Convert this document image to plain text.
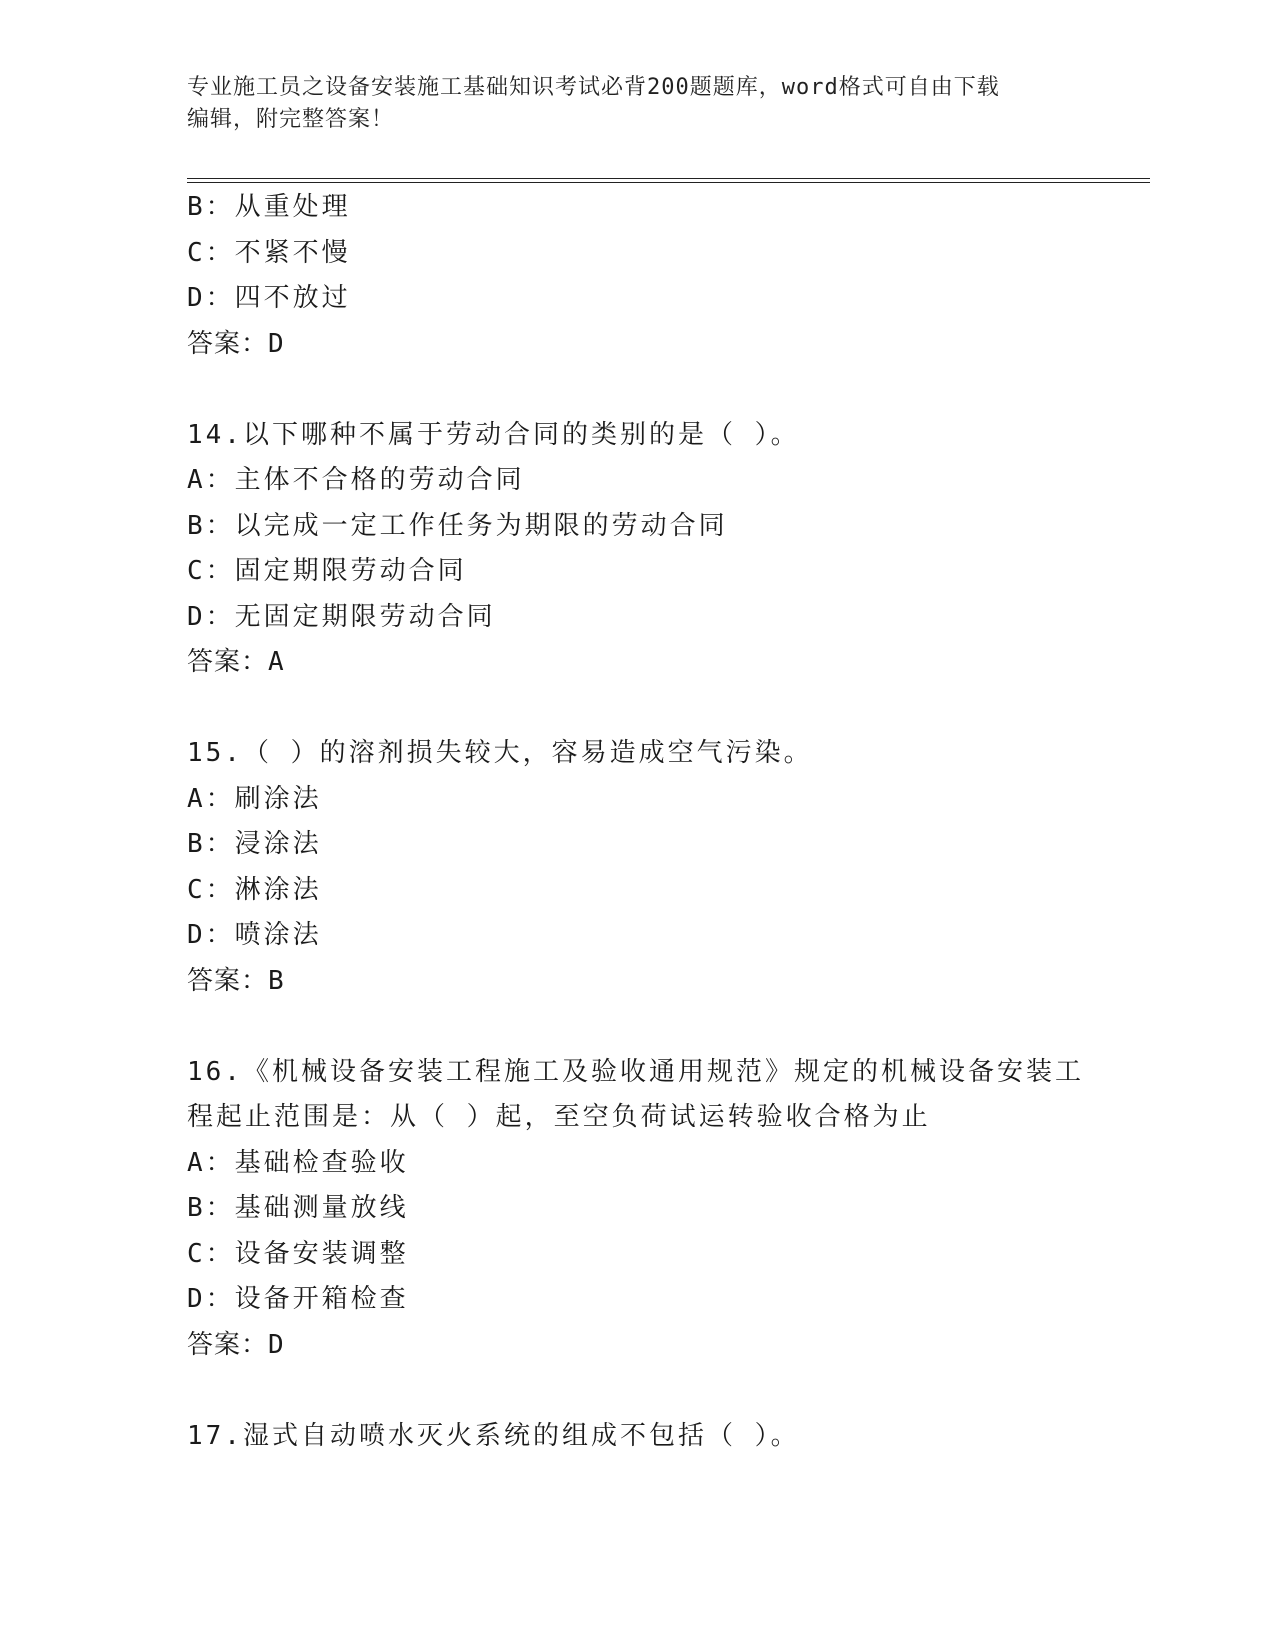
专业施工员之设备安装施工基础知识考试必背200题题库，word格式可自由下载
编辑，附完整答案！
B：从重处理
C：不紧不慢
D：四不放过
答案：D
14.以下哪种不属于劳动合同的类别的是（ ）。
A：主体不合格的劳动合同
B：以完成一定工作任务为期限的劳动合同
C：固定期限劳动合同
D：无固定期限劳动合同
答案：A
15.（ ）的溶剂损失较大，容易造成空气污染。
A：刷涂法
B：浸涂法
C：淋涂法
D：喷涂法
答案：B
16.《机械设备安装工程施工及验收通用规范》规定的机械设备安装工
程起止范围是：从（ ）起，至空负荷试运转验收合格为止
A：基础检查验收
B：基础测量放线
C：设备安装调整
D：设备开箱检查
答案：D
17.湿式自动喷水灭火系统的组成不包括（ ）。
